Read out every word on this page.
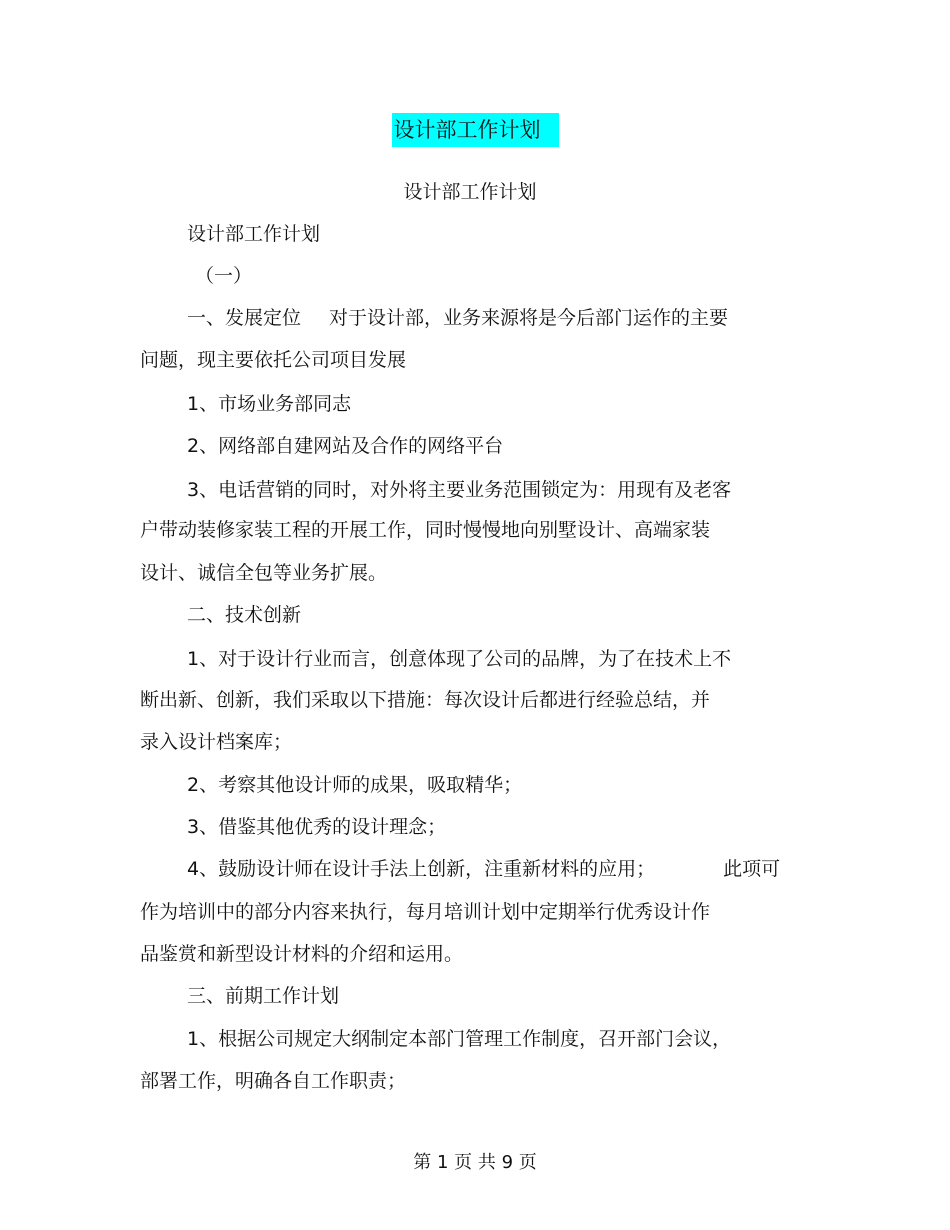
设计部工作计划
设计部工作计划
设计部工作计划
（一）
一、发展定位 对于设计部，业务来源将是今后部门运作的主要
问题，现主要依托公司项目发展
1、市场业务部同志
2、网络部自建网站及合作的网络平台
3、电话营销的同时，对外将主要业务范围锁定为：用现有及老客
户带动装修家装工程的开展工作，同时慢慢地向别墅设计、高端家装
设计、诚信全包等业务扩展。
二、技术创新
1、对于设计行业而言，创意体现了公司的品牌，为了在技术上不
断出新、创新，我们采取以下措施：每次设计后都进行经验总结，并
录入设计档案库；
2、考察其他设计师的成果，吸取精华；
3、借鉴其他优秀的设计理念；
4、鼓励设计师在设计手法上创新，注重新材料的应用； 此项可
作为培训中的部分内容来执行，每月培训计划中定期举行优秀设计作
品鉴赏和新型设计材料的介绍和运用。
三、前期工作计划
1、根据公司规定大纲制定本部门管理工作制度，召开部门会议，
部署工作，明确各自工作职责；
第 1 页 共 9 页
